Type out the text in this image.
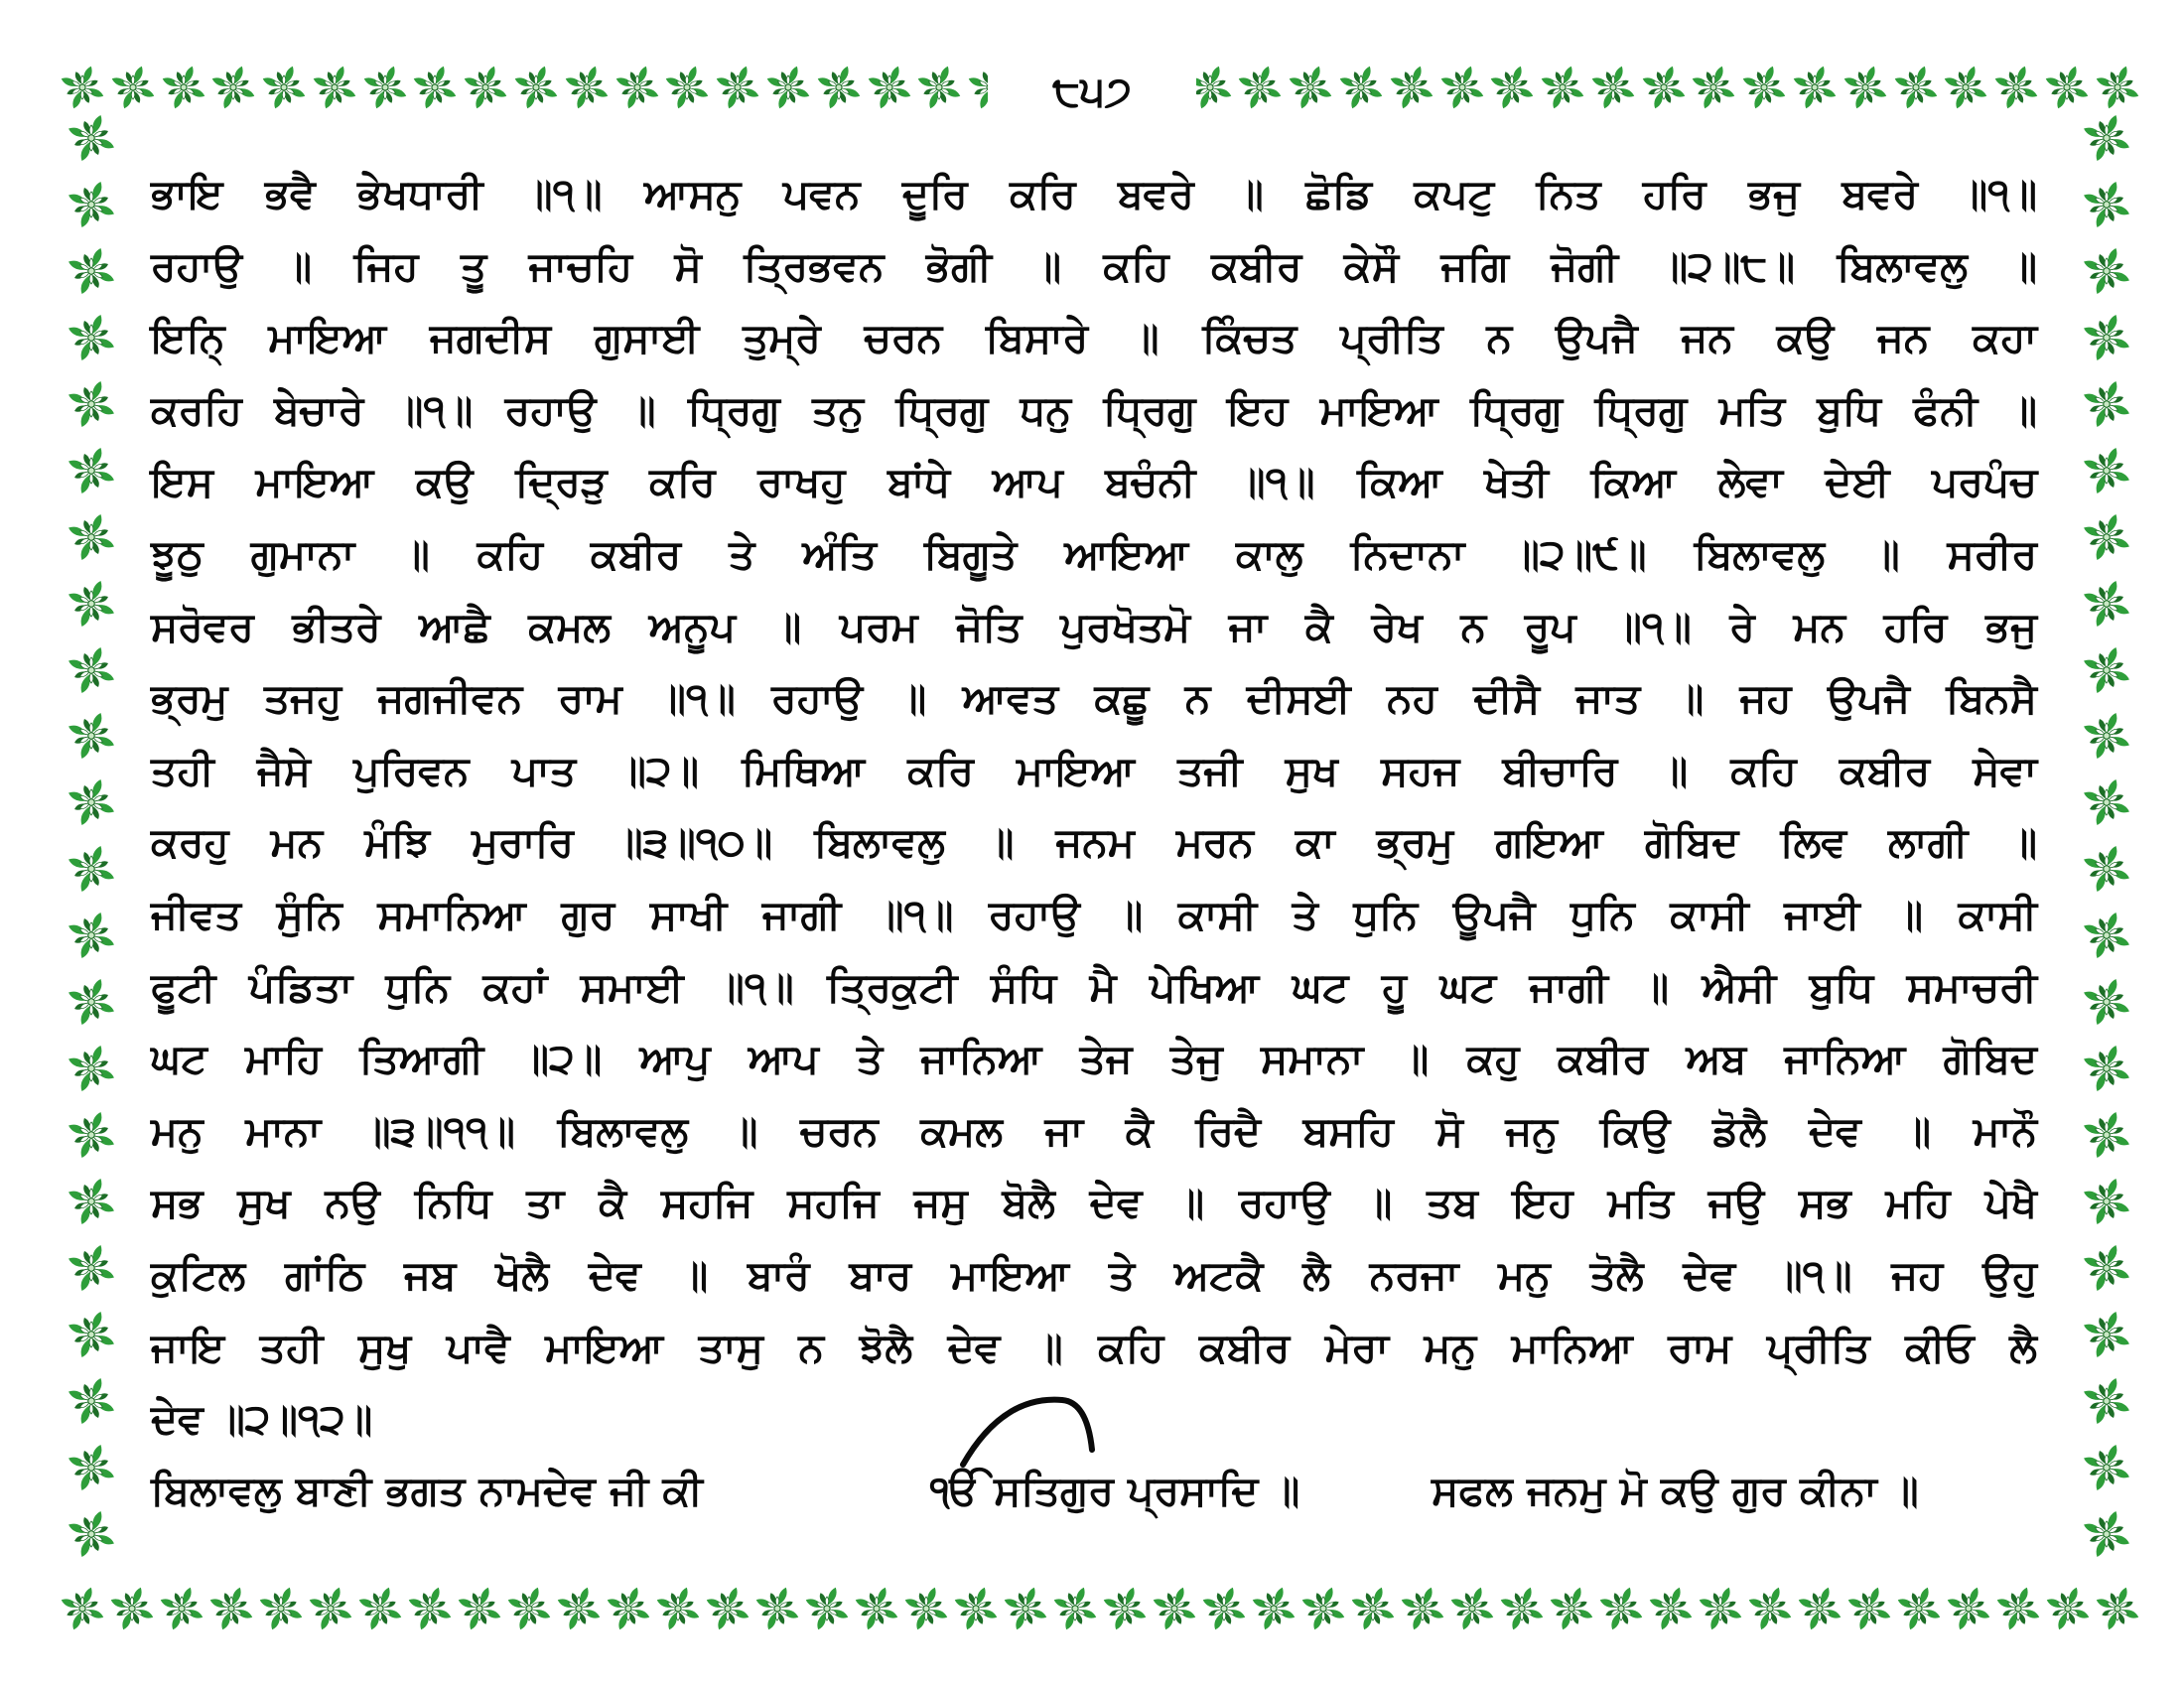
੮੫੭
ਭਾਇ ਭਵੈ ਭੇਖਧਾਰੀ ॥੧॥ ਆਸਨੁ ਪਵਨ ਦੂਰਿ ਕਰਿ ਬਵਰੇ ॥ ਛੋਡਿ ਕਪਟੁ ਨਿਤ ਹਰਿ ਭਜੁ ਬਵਰੇ ॥੧॥
ਰਹਾਉ ॥ ਜਿਹ ਤੂ ਜਾਚਹਿ ਸੋ ਤ੍ਰਿਭਵਨ ਭੋਗੀ ॥ ਕਹਿ ਕਬੀਰ ਕੇਸੌ ਜਗਿ ਜੋਗੀ ॥੨॥੮॥ ਬਿਲਾਵਲੁ ॥
ਇਨਿ੍ ਮਾਇਆ ਜਗਦੀਸ ਗੁਸਾਈ ਤੁਮ੍ਰੇ ਚਰਨ ਬਿਸਾਰੇ ॥ ਕਿੰਚਤ ਪ੍ਰੀਤਿ ਨ ਉਪਜੈ ਜਨ ਕਉ ਜਨ ਕਹਾ
ਕਰਹਿ ਬੇਚਾਰੇ ॥੧॥ ਰਹਾਉ ॥ ਧ੍ਰਿਗੁ ਤਨੁ ਧ੍ਰਿਗੁ ਧਨੁ ਧ੍ਰਿਗੁ ਇਹ ਮਾਇਆ ਧ੍ਰਿਗੁ ਧ੍ਰਿਗੁ ਮਤਿ ਬੁਧਿ ਫੰਨੀ ॥
ਇਸ ਮਾਇਆ ਕਉ ਦ੍ਰਿੜੁ ਕਰਿ ਰਾਖਹੁ ਬਾਂਧੇ ਆਪ ਬਚੰਨੀ ॥੧॥ ਕਿਆ ਖੇਤੀ ਕਿਆ ਲੇਵਾ ਦੇਈ ਪਰਪੰਚ
ਝੂਠੁ ਗੁਮਾਨਾ ॥ ਕਹਿ ਕਬੀਰ ਤੇ ਅੰਤਿ ਬਿਗੂਤੇ ਆਇਆ ਕਾਲੁ ਨਿਦਾਨਾ ॥੨॥੯॥ ਬਿਲਾਵਲੁ ॥ ਸਰੀਰ
ਸਰੋਵਰ ਭੀਤਰੇ ਆਛੈ ਕਮਲ ਅਨੂਪ ॥ ਪਰਮ ਜੋਤਿ ਪੁਰਖੋਤਮੋ ਜਾ ਕੈ ਰੇਖ ਨ ਰੂਪ ॥੧॥ ਰੇ ਮਨ ਹਰਿ ਭਜੁ
ਭ੍ਰਮੁ ਤਜਹੁ ਜਗਜੀਵਨ ਰਾਮ ॥੧॥ ਰਹਾਉ ॥ ਆਵਤ ਕਛੂ ਨ ਦੀਸਈ ਨਹ ਦੀਸੈ ਜਾਤ ॥ ਜਹ ਉਪਜੈ ਬਿਨਸੈ
ਤਹੀ ਜੈਸੇ ਪੁਰਿਵਨ ਪਾਤ ॥੨॥ ਮਿਥਿਆ ਕਰਿ ਮਾਇਆ ਤਜੀ ਸੁਖ ਸਹਜ ਬੀਚਾਰਿ ॥ ਕਹਿ ਕਬੀਰ ਸੇਵਾ
ਕਰਹੁ ਮਨ ਮੰਝਿ ਮੁਰਾਰਿ ॥੩॥੧੦॥ ਬਿਲਾਵਲੁ ॥ ਜਨਮ ਮਰਨ ਕਾ ਭ੍ਰਮੁ ਗਇਆ ਗੋਬਿਦ ਲਿਵ ਲਾਗੀ ॥
ਜੀਵਤ ਸੁੰਨਿ ਸਮਾਨਿਆ ਗੁਰ ਸਾਖੀ ਜਾਗੀ ॥੧॥ ਰਹਾਉ ॥ ਕਾਸੀ ਤੇ ਧੁਨਿ ਊਪਜੈ ਧੁਨਿ ਕਾਸੀ ਜਾਈ ॥ ਕਾਸੀ
ਫੂਟੀ ਪੰਡਿਤਾ ਧੁਨਿ ਕਹਾਂ ਸਮਾਈ ॥੧॥ ਤ੍ਰਿਕੁਟੀ ਸੰਧਿ ਮੈ ਪੇਖਿਆ ਘਟ ਹੂ ਘਟ ਜਾਗੀ ॥ ਐਸੀ ਬੁਧਿ ਸਮਾਚਰੀ
ਘਟ ਮਾਹਿ ਤਿਆਗੀ ॥੨॥ ਆਪੁ ਆਪ ਤੇ ਜਾਨਿਆ ਤੇਜ ਤੇਜੁ ਸਮਾਨਾ ॥ ਕਹੁ ਕਬੀਰ ਅਬ ਜਾਨਿਆ ਗੋਬਿਦ
ਮਨੁ ਮਾਨਾ ॥੩॥੧੧॥ ਬਿਲਾਵਲੁ ॥ ਚਰਨ ਕਮਲ ਜਾ ਕੈ ਰਿਦੈ ਬਸਹਿ ਸੋ ਜਨੁ ਕਿਉ ਡੋਲੈ ਦੇਵ ॥ ਮਾਨੌ
ਸਭ ਸੁਖ ਨਉ ਨਿਧਿ ਤਾ ਕੈ ਸਹਜਿ ਸਹਜਿ ਜਸੁ ਬੋਲੈ ਦੇਵ ॥ ਰਹਾਉ ॥ ਤਬ ਇਹ ਮਤਿ ਜਉ ਸਭ ਮਹਿ ਪੇਖੈ
ਕੁਟਿਲ ਗਾਂਠਿ ਜਬ ਖੋਲੈ ਦੇਵ ॥ ਬਾਰੰ ਬਾਰ ਮਾਇਆ ਤੇ ਅਟਕੈ ਲੈ ਨਰਜਾ ਮਨੁ ਤੋਲੈ ਦੇਵ ॥੧॥ ਜਹ ਉਹੁ
ਜਾਇ ਤਹੀ ਸੁਖੁ ਪਾਵੈ ਮਾਇਆ ਤਾਸੁ ਨ ਝੋਲੈ ਦੇਵ ॥ ਕਹਿ ਕਬੀਰ ਮੇਰਾ ਮਨੁ ਮਾਨਿਆ ਰਾਮ ਪ੍ਰੀਤਿ ਕੀਓ ਲੈ
ਦੇਵ ॥੨॥੧੨॥
ਬਿਲਾਵਲੁ ਬਾਣੀ ਭਗਤ ਨਾਮਦੇਵ ਜੀ ਕੀ	ੴ ਸਤਿਗੁਰ ਪ੍ਰਸਾਦਿ ॥	ਸਫਲ ਜਨਮੁ ਮੋ ਕਉ ਗੁਰ ਕੀਨਾ ॥
